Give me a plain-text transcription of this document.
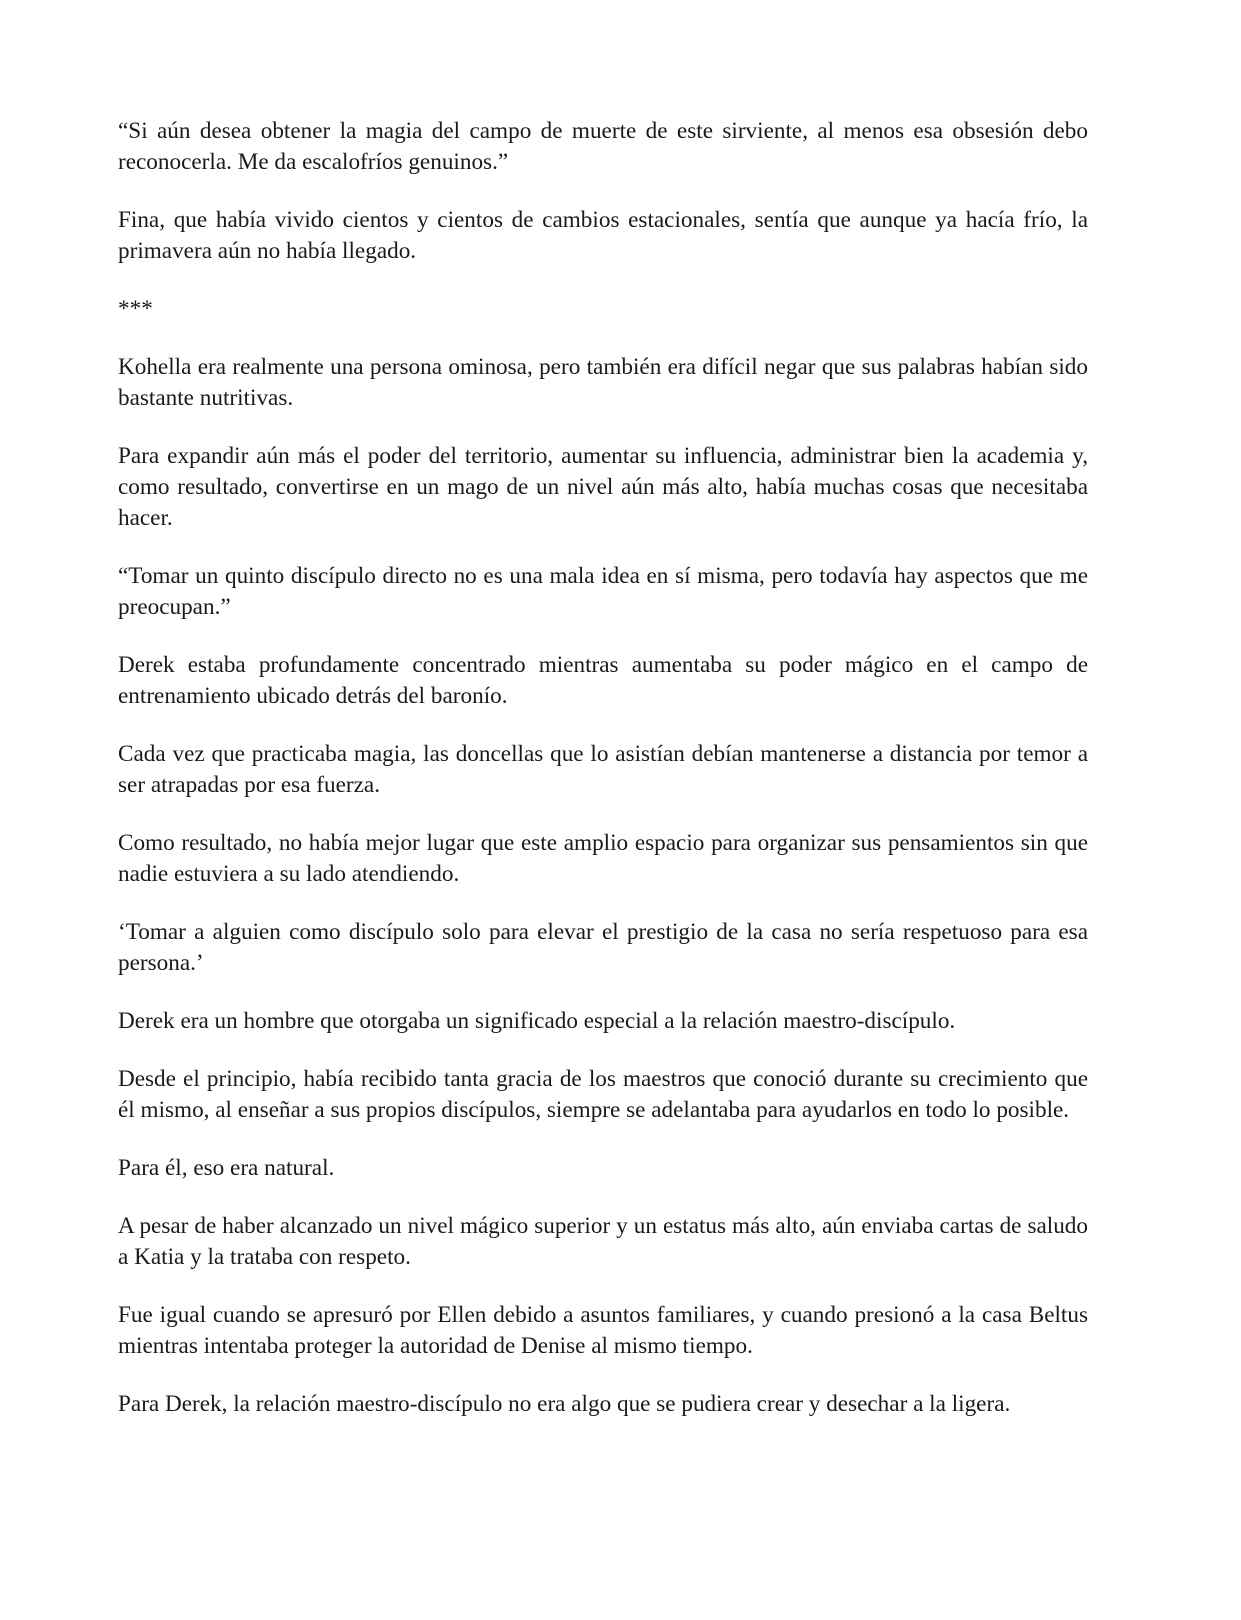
“Si aún desea obtener la magia del campo de muerte de este sirviente, al menos esa obsesión debo reconocerla. Me da escalofríos genuinos.”

Fina, que había vivido cientos y cientos de cambios estacionales, sentía que aunque ya hacía frío, la primavera aún no había llegado.

***

Kohella era realmente una persona ominosa, pero también era difícil negar que sus palabras habían sido bastante nutritivas.

Para expandir aún más el poder del territorio, aumentar su influencia, administrar bien la academia y, como resultado, convertirse en un mago de un nivel aún más alto, había muchas cosas que necesitaba hacer.

“Tomar un quinto discípulo directo no es una mala idea en sí misma, pero todavía hay aspectos que me preocupan.”

Derek estaba profundamente concentrado mientras aumentaba su poder mágico en el campo de entrenamiento ubicado detrás del baronío.

Cada vez que practicaba magia, las doncellas que lo asistían debían mantenerse a distancia por temor a ser atrapadas por esa fuerza.

Como resultado, no había mejor lugar que este amplio espacio para organizar sus pensamientos sin que nadie estuviera a su lado atendiendo.

‘Tomar a alguien como discípulo solo para elevar el prestigio de la casa no sería respetuoso para esa persona.’

Derek era un hombre que otorgaba un significado especial a la relación maestro-discípulo.

Desde el principio, había recibido tanta gracia de los maestros que conoció durante su crecimiento que él mismo, al enseñar a sus propios discípulos, siempre se adelantaba para ayudarlos en todo lo posible.

Para él, eso era natural.

A pesar de haber alcanzado un nivel mágico superior y un estatus más alto, aún enviaba cartas de saludo a Katia y la trataba con respeto.

Fue igual cuando se apresuró por Ellen debido a asuntos familiares, y cuando presionó a la casa Beltus mientras intentaba proteger la autoridad de Denise al mismo tiempo.

Para Derek, la relación maestro-discípulo no era algo que se pudiera crear y desechar a la ligera.
